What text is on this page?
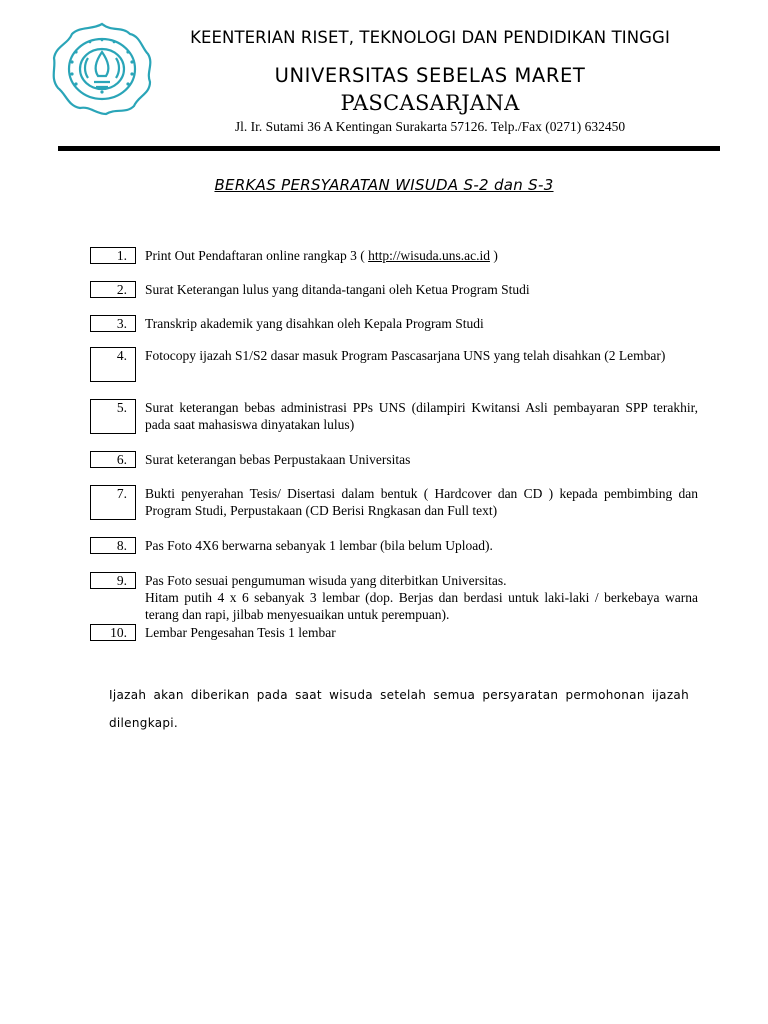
KEENTERIAN RISET, TEKNOLOGI DAN PENDIDIKAN TINGGI
UNIVERSITAS SEBELAS MARET
PASCASARJANA
Jl. Ir. Sutami 36 A Kentingan Surakarta 57126. Telp./Fax (0271) 632450
BERKAS PERSYARATAN WISUDA S-2 dan S-3
1.	Print Out Pendaftaran online rangkap 3 ( http://wisuda.uns.ac.id )
2.	Surat Keterangan lulus yang ditanda-tangani oleh Ketua Program Studi
3.	Transkrip akademik yang disahkan oleh Kepala Program Studi
4.	Fotocopy ijazah S1/S2 dasar masuk Program Pascasarjana UNS yang telah disahkan (2 Lembar)
5.	Surat keterangan bebas administrasi PPs UNS (dilampiri Kwitansi Asli pembayaran SPP terakhir, pada saat mahasiswa dinyatakan lulus)
6.	Surat keterangan bebas Perpustakaan Universitas
7.	Bukti penyerahan Tesis/ Disertasi dalam bentuk ( Hardcover dan CD ) kepada pembimbing dan Program Studi, Perpustakaan (CD Berisi Rngkasan dan Full text)
8.	Pas Foto 4X6 berwarna sebanyak 1 lembar (bila belum Upload).
9.	Pas Foto sesuai pengumuman wisuda yang diterbitkan Universitas.
Hitam putih 4 x 6 sebanyak 3 lembar (dop. Berjas dan berdasi untuk laki-laki / berkebaya warna terang dan rapi, jilbab menyesuaikan untuk perempuan).
10.	Lembar Pengesahan Tesis 1 lembar
Ijazah akan diberikan pada saat wisuda setelah semua persyaratan permohonan ijazah dilengkapi.
